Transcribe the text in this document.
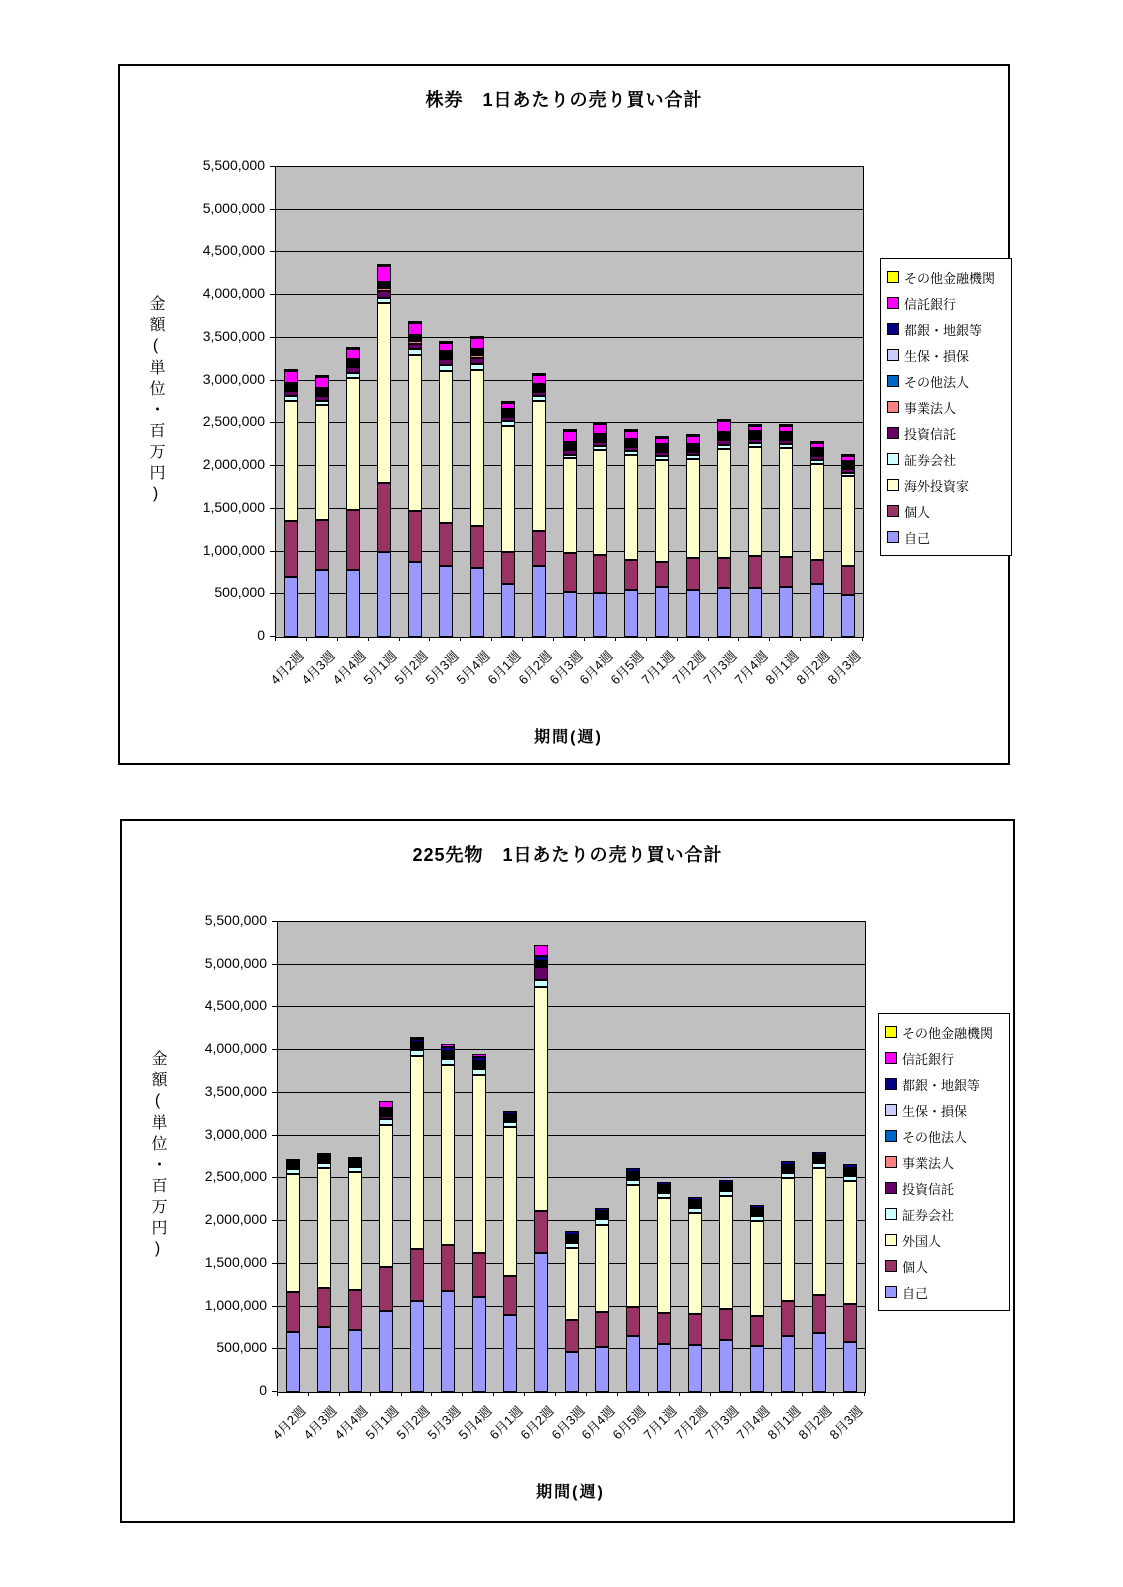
株券　1日あたりの売り買い合計
金額(単位・百万円)
期間(週)
その他金融機関
信託銀行
都銀・地銀等
生保・損保
その他法人
事業法人
投資信託
証券会社
海外投資家
個人
自己
0
500,000
1,000,000
1,500,000
2,000,000
2,500,000
3,000,000
3,500,000
4,000,000
4,500,000
5,000,000
5,500,000
4月2週
4月3週
4月4週
5月1週
5月2週
5月3週
5月4週
6月1週
6月2週
6月3週
6月4週
6月5週
7月1週
7月2週
7月3週
7月4週
8月1週
8月2週
8月3週
225先物　1日あたりの売り買い合計
金額(単位・百万円)
期間(週)
その他金融機関
信託銀行
都銀・地銀等
生保・損保
その他法人
事業法人
投資信託
証券会社
外国人
個人
自己
0
500,000
1,000,000
1,500,000
2,000,000
2,500,000
3,000,000
3,500,000
4,000,000
4,500,000
5,000,000
5,500,000
4月2週
4月3週
4月4週
5月1週
5月2週
5月3週
5月4週
6月1週
6月2週
6月3週
6月4週
6月5週
7月1週
7月2週
7月3週
7月4週
8月1週
8月2週
8月3週
